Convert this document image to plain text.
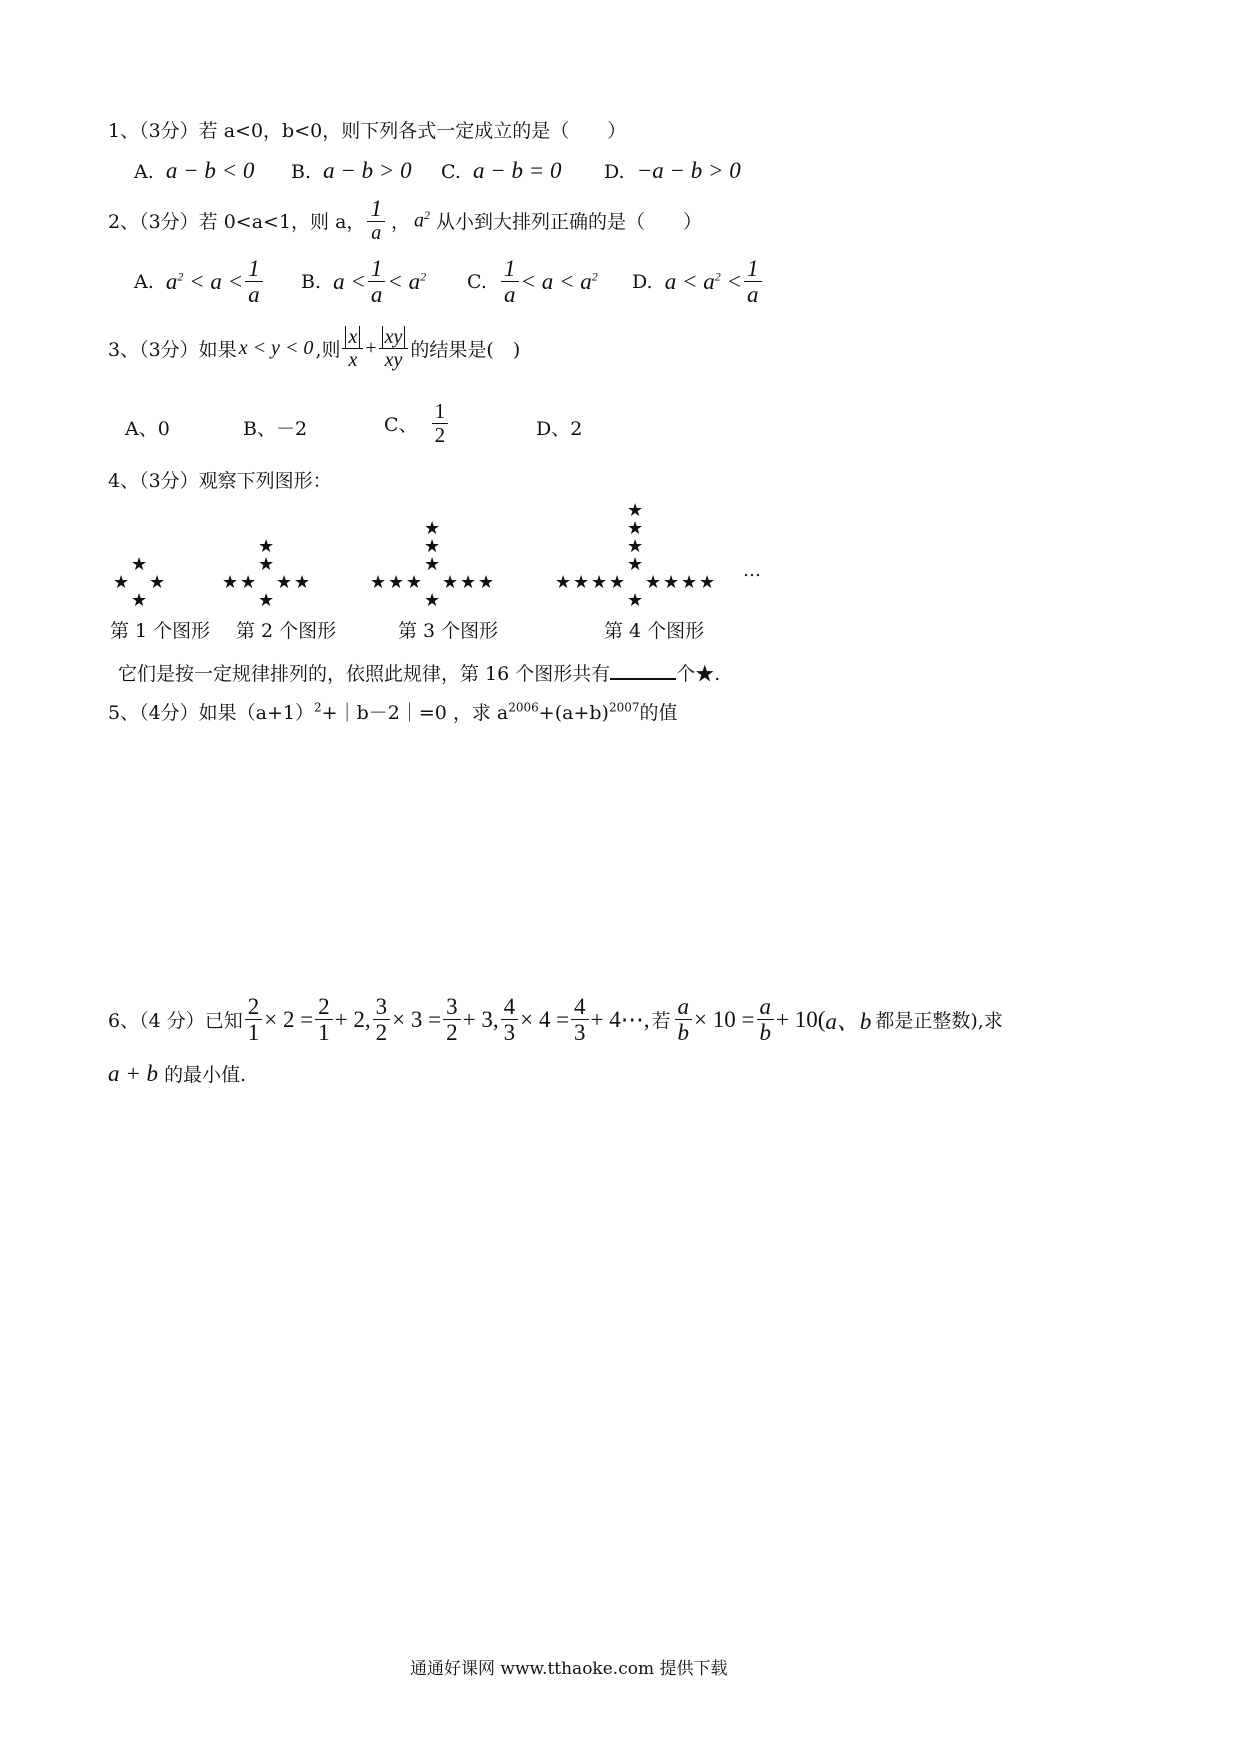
1、（3分）若 a<0，b<0，则下列各式一定成立的是（　　）
A. a − b < 0 B. a − b > 0 C. a − b = 0 D. −a − b > 0
2、（3分）若 0<a<1，则 a， $\frac{1}{a}$ ， $a^2$ 从小到大排列正确的是（　　）
A.
$a^2 < a < \frac{1}{a} B$.
$a < \frac{1}{a} < a^2$ C.
$\frac{1}{a} < a < a^2$ D.
$a < a^2 < \frac{1}{a}$
3、（3分）如果 x < y < 0 ,则 $\frac{x}{x} + \frac{xy}{xy}$ 的结果是(　)
A、0	B、－2	C、
$\frac{1}{2}$	D、2
4、（3分）观察下列图形：
★ ★
★
★
★
★ ★ ★
★
★
★
★
★
★	★ ★ ★
★
★
★
★
★
★
★
★	★ ★ ★ ★
★
★
★
★
★
…
第 1 个图形 第 2 个图形	第 3 个图形	第 4 个图形
它们是按一定规律排列的，依照此规律，第 16 个图形共有	个★.
5、（4分）如果$(a+1)^2+|b-2|=0$ ，求 $a^{2006}+(a+b)^{2007}$的值
6、（4 分）已知 $\frac{2}{1} \times 2 = \frac{2}{1} + 2$, $\frac{3}{2} \times 3 = \frac{3}{2} + 3$, $\frac{4}{3} \times 4 = \frac{4}{3}$ + 4⋯, 若 $\frac{a}{b} \times 10 = \frac{a}{b} + 10$( a、b 都是正整数),求
a + b 的最小值.
通通好课网 www.tthaoke.com 提供下载
